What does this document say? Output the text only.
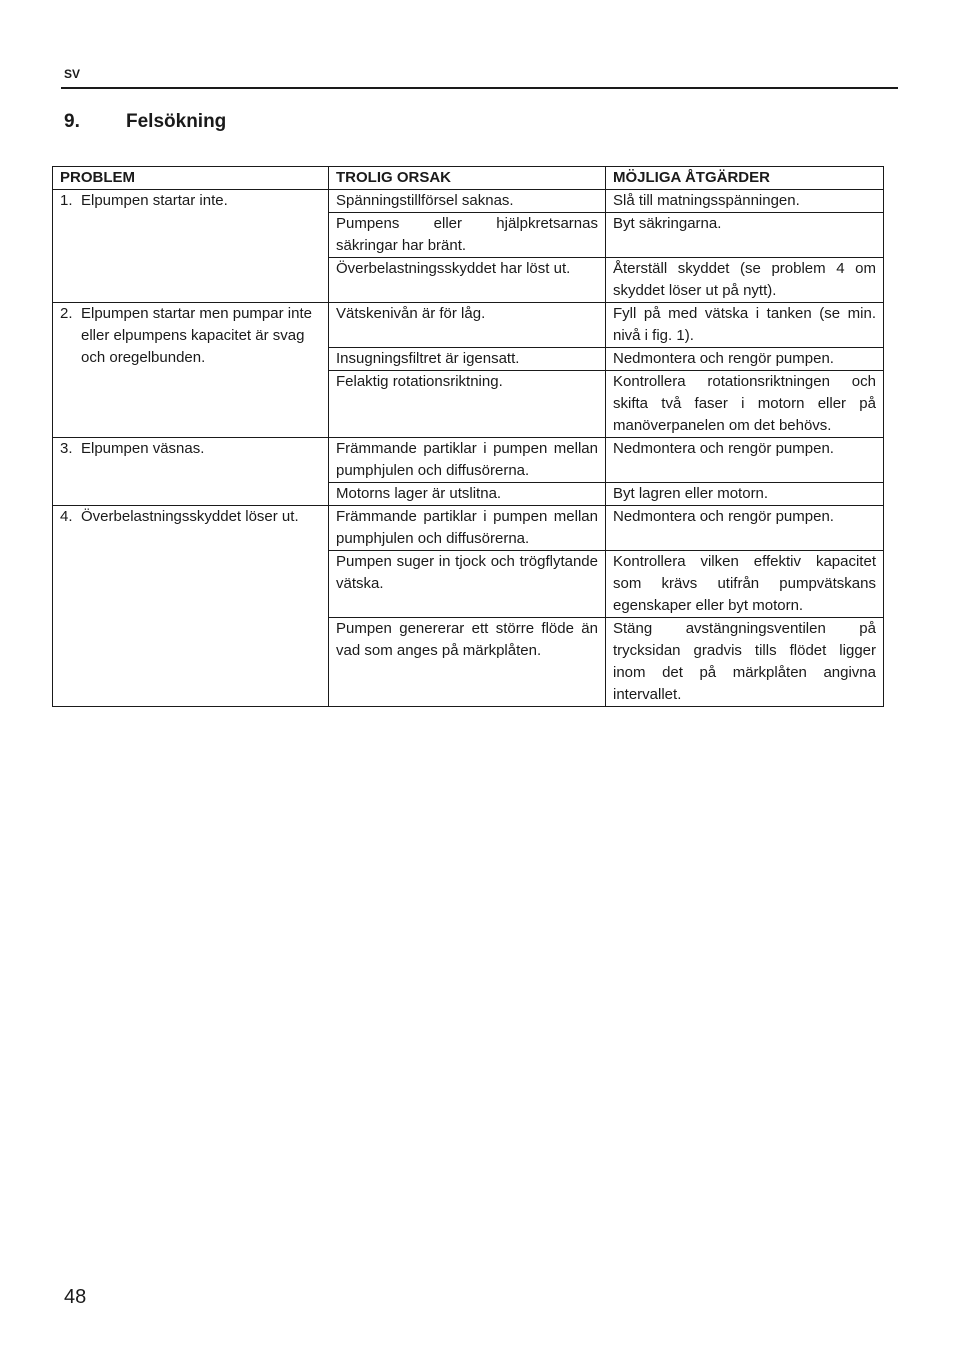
SV
9. Felsökning
PROBLEM	TROLIG ORSAK	MÖJLIGA ÅTGÄRDER

1. Elpumpen startar inte.	Spänningstillförsel saknas.	Slå till matningsspänningen.
	Pumpens eller hjälpkretsarnas säkringar har bränt.	Byt säkringarna.
	Överbelastningsskyddet har löst ut.	Återställ skyddet (se problem 4 om skyddet löser ut på nytt).

2. Elpumpen startar men pumpar inte eller elpumpens kapacitet är svag och oregelbunden.	Vätskenivån är för låg.	Fyll på med vätska i tanken (se min. nivå i fig. 1).
	Insugningsfiltret är igensatt.	Nedmontera och rengör pumpen.
	Felaktig rotationsriktning.	Kontrollera rotationsriktningen och skifta två faser i motorn eller på manöverpanelen om det behövs.

3. Elpumpen väsnas.	Främmande partiklar i pumpen mellan pumphjulen och diffusörerna.	Nedmontera och rengör pumpen.
	Motorns lager är utslitna.	Byt lagren eller motorn.

4. Överbelastningsskyddet löser ut.	Främmande partiklar i pumpen mellan pumphjulen och diffusörerna.	Nedmontera och rengör pumpen.
	Pumpen suger in tjock och trögflytande vätska.	Kontrollera vilken effektiv kapacitet som krävs utifrån pumpvätskans egenskaper eller byt motorn.
	Pumpen genererar ett större flöde än vad som anges på märkplåten.	Stäng avstängningsventilen på trycksidan gradvis tills flödet ligger inom det på märkplåten angivna intervallet.
48
